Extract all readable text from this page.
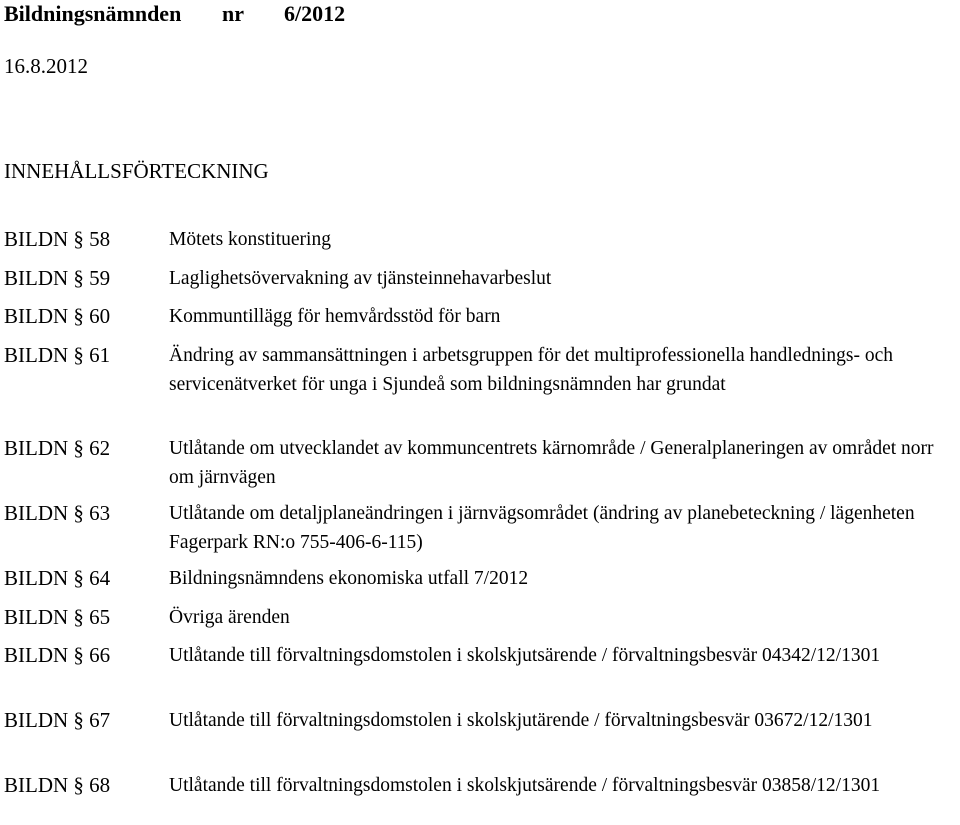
Bildningsnämnden nr 6/2012
16.8.2012
INNEHÅLLSFÖRTECKNING
BILDN § 58	Mötets konstituering
BILDN § 59	Laglighetsövervakning av tjänsteinnehavarbeslut
BILDN § 60	Kommuntillägg för hemvårdsstöd för barn
BILDN § 61	Ändring av sammansättningen i arbetsgruppen för det multiprofessionella handlednings- och servicenätverket för unga i Sjundeå som bildningsnämnden har grundat
BILDN § 62	Utlåtande om utvecklandet av kommuncentrets kärnområde / Generalplaneringen av området norr om järnvägen
BILDN § 63	Utlåtande om detaljplaneändringen i järnvägsområdet (ändring av planebeteckning / lägenheten Fagerpark RN:o 755-406-6-115)
BILDN § 64	Bildningsnämndens ekonomiska utfall 7/2012
BILDN § 65	Övriga ärenden
BILDN § 66	Utlåtande till förvaltningsdomstolen i skolskjutsärende / förvaltningsbesvär 04342/12/1301
BILDN § 67	Utlåtande till förvaltningsdomstolen i skolskjutärende / förvaltningsbesvär 03672/12/1301
BILDN § 68	Utlåtande till förvaltningsdomstolen i skolskjutsärende / förvaltningsbesvär 03858/12/1301
